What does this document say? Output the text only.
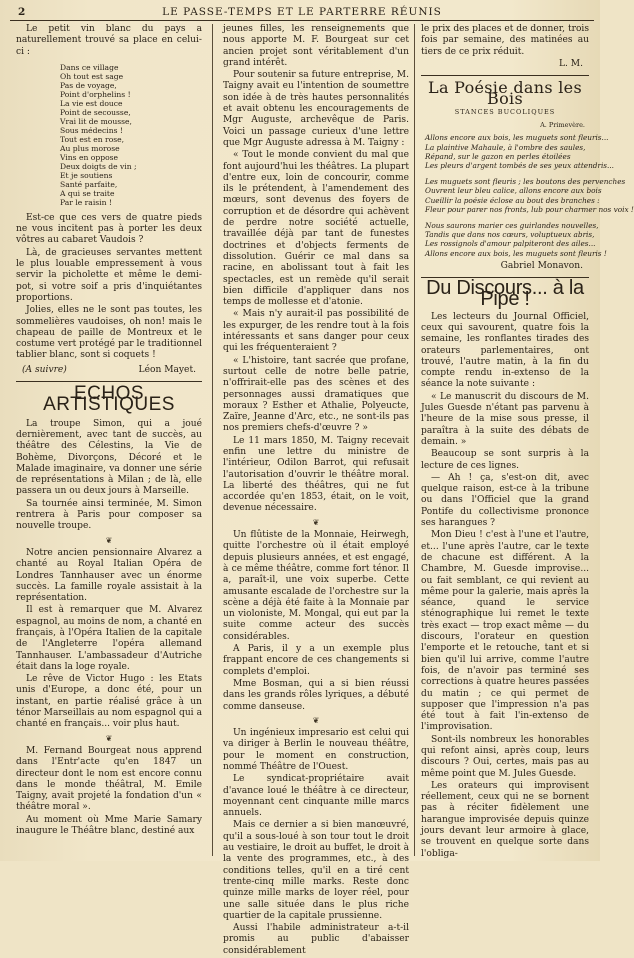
2	LE PASSE-TEMPS ET LE PARTERRE RÉUNIS

Le petit vin blanc du pays a naturellement trouvé sa place en celui-ci :

Dans ce village
Oh tout est sage
Pas de voyage,
Point d'orphelins !
La vie est douce
Point de secousse,
Vrai lit de mousse,
Sous médecins !
Tout est en rose,
Au plus morose
Vins en oppose
Deux doigts de vin ;
Et je soutiens
Santé parfaite,
A qui se traite
Par le raisin !

Est-ce que ces vers de quatre pieds ne vous incitent pas à porter les deux vôtres au cabaret Vaudois ?

Là, de gracieuses servantes mettent le plus louable empressement à vous servir la picholette et même le demi-pot, si votre soif a pris d'inquiétantes proportions.

Jolies, elles ne le sont pas toutes, les sommelières vaudoises, oh non! mais le chapeau de paille de Montreux et le costume vert protégé par le traditionnel tablier blanc, sont si coquets !

(A suivre)	Léon Mayet.
ECHOS ARTISTIQUES

La troupe Simon, qui a joué dernièrement, avec tant de succès, au théâtre des Célestins, la Vie de Bohème, Divorçons, Décoré et le Malade imaginaire, va donner une série de représentations à Milan ; de là, elle passera un ou deux jours à Marseille.

Sa tournée ainsi terminée, M. Simon rentrera à Paris pour composer sa nouvelle troupe.

❦

Notre ancien pensionnaire Alvarez a chanté au Royal Italian Opéra de Londres Tannhauser avec un énorme succès. La famille royale assistait à la représentation.

Il est à remarquer que M. Alvarez espagnol, au moins de nom, a chanté en français, à l'Opéra Italien de la capitale de l'Angleterre l'opéra allemand Tannhauser. L'ambassadeur d'Autriche était dans la loge royale.

Le rêve de Victor Hugo : les Etats unis d'Europe, a donc été, pour un instant, en partie réalisé grâce à un ténor Marseillais au nom espagnol qui a chanté en français... voir plus haut.

❦

M. Fernand Bourgeat nous apprend dans l'Entr'acte qu'en 1847 un directeur dont le nom est encore connu dans le monde théâtral, M. Emile Taigny, avait projeté la fondation d'un « théâtre moral ».

Au moment où Mme Marie Samary inaugure le Théâtre blanc, destiné aux

jeunes filles, les renseignements que nous apporte M. F. Bourgeat sur cet ancien projet sont véritablement d'un grand intérêt.

Pour soutenir sa future entreprise, M. Taigny avait eu l'intention de soumettre son idée à de très hautes personnalités et avait obtenu les encouragements de Mgr Auguste, archevêque de Paris. Voici un passage curieux d'une lettre que Mgr Auguste adressa à M. Taigny :

« Tout le monde convient du mal que font aujourd'hui les théâtres. La plupart d'entre eux, loin de concourir, comme ils le prétendent, à l'amendement des mœurs, sont devenus des foyers de corruption et de désordre qui achèvent de perdre notre société actuelle, travaillée déjà par tant de funestes doctrines et d'objects ferments de dissolution. Guérir ce mal dans sa racine, en abolissant tout à fait les spectacles, est un remède qu'il serait bien difficile d'appliquer dans nos temps de mollesse et d'atonie.

« Mais n'y aurait-il pas possibilité de les expurger, de les rendre tout à la fois intéressants et sans danger pour ceux qui les fréquenteraient ?

« L'histoire, tant sacrée que profane, surtout celle de notre belle patrie, n'offrirait-elle pas des scènes et des personnages aussi dramatiques que moraux ? Esther et Athalie, Polyeucte, Zaïre, Jeanne d'Arc, etc., ne sont-ils pas nos premiers chefs-d'œuvre ? »

Le 11 mars 1850, M. Taigny recevait enfin une lettre du ministre de l'intérieur, Odilon Barrot, qui refusait l'autorisation d'ouvrir le théâtre moral. La liberté des théâtres, qui ne fut accordée qu'en 1853, était, on le voit, devenue nécessaire.

❦

Un flûtiste de la Monnaie, Heirwegh, quitte l'orchestre où il était employé depuis plusieurs années, et est engagé, à ce même théâtre, comme fort ténor. Il a, paraît-il, une voix superbe. Cette amusante escalade de l'orchestre sur la scène a déjà été faite à la Monnaie par un violoniste, M. Mongal, qui eut par la suite comme acteur des succès considérables.

A Paris, il y a un exemple plus frappant encore de ces changements si complets d'emploi.

Mme Bosman, qui a si bien réussi dans les grands rôles lyriques, a débuté comme danseuse.

❦

Un ingénieux impresario est celui qui va diriger à Berlin le nouveau théâtre, pour le moment en construction, nommé Théâtre de l'Ouest.

Le syndicat-propriétaire avait d'avance loué le théâtre à ce directeur, moyennant cent cinquante mille marcs annuels.

Mais ce dernier a si bien manœuvré, qu'il a sous-loué à son tour tout le droit au vestiaire, le droit au buffet, le droit à la vente des programmes, etc., à des conditions telles, qu'il en a tiré cent trente-cinq mille marks. Reste donc quinze mille marks de loyer réel, pour une salle située dans le plus riche quartier de la capitale prussienne.

Aussi l'habile administrateur a-t-il promis au public d'abaisser considérablement

le prix des places et de donner, trois fois par semaine, des matinées au tiers de ce prix réduit.

L. M.
La Poésie dans les Bois
STANCES BUCOLIQUES
A. Primevère.
Allons encore aux bois, les muguets sont fleuris...
La plaintive Mahaule, à l'ombre des saules,
Répand, sur le gazon en perles étoilées
Les pleurs d'argent tombés de ses yeux attendris...
Les muguets sont fleuris ; les boutons des pervenches
Ouvrent leur bleu calice, allons encore aux bois
Cueillir la poésie éclose au bout des branches :
Fleur pour parer nos fronts, lub pour charmer nos voix !
Nous saurons marier ces guirlandes nouvelles,
Tandis que dans nos cœurs, voluptueux abris,
Les rossignols d'amour palpiteront des ailes...
Allons encore aux bois, les muguets sont fleuris !
Gabriel Monavon.
Du Discours... à la Pipe !

Les lecteurs du Journal Officiel, ceux qui savourent, quatre fois la semaine, les ronflantes tirades des orateurs parlementaires, ont trouvé, l'autre matin, à la fin du compte rendu in-extenso de la séance la note suivante :

« Le manuscrit du discours de M. Jules Guesde n'étant pas parvenu à l'heure de la mise sous presse, il paraîtra à la suite des débats de demain. »

Beaucoup se sont surpris à la lecture de ces lignes.

— Ah ! ça, s'est-on dit, avec quelque raison, est-ce à la tribune ou dans l'Officiel que la grand Pontife du collectivisme prononce ses harangues ?

Mon Dieu ! c'est à l'une et l'autre, et... l'une après l'autre, car le texte de chacune est différent. A la Chambre, M. Guesde improvise... ou fait semblant, ce qui revient au même pour la galerie, mais après la séance, quand le service sténographique lui remet le texte très exact — trop exact même — du discours, l'orateur en question l'emporte et le retouche, tant et si bien qu'il lui arrive, comme l'autre fois, de n'avoir pas terminé ses corrections à quatre heures passées du matin ; ce qui permet de supposer que l'impression n'a pas été tout à fait l'in-extenso de l'improvisation.

Sont-ils nombreux les honorables qui refont ainsi, après coup, leurs discours ? Oui, certes, mais pas au même point que M. Jules Guesde.

Les orateurs qui improvisent réellement, ceux qui ne se bornent pas à réciter fidèlement une harangue improvisée depuis quinze jours devant leur armoire à glace, se trouvent en quelque sorte dans l'obliga-
